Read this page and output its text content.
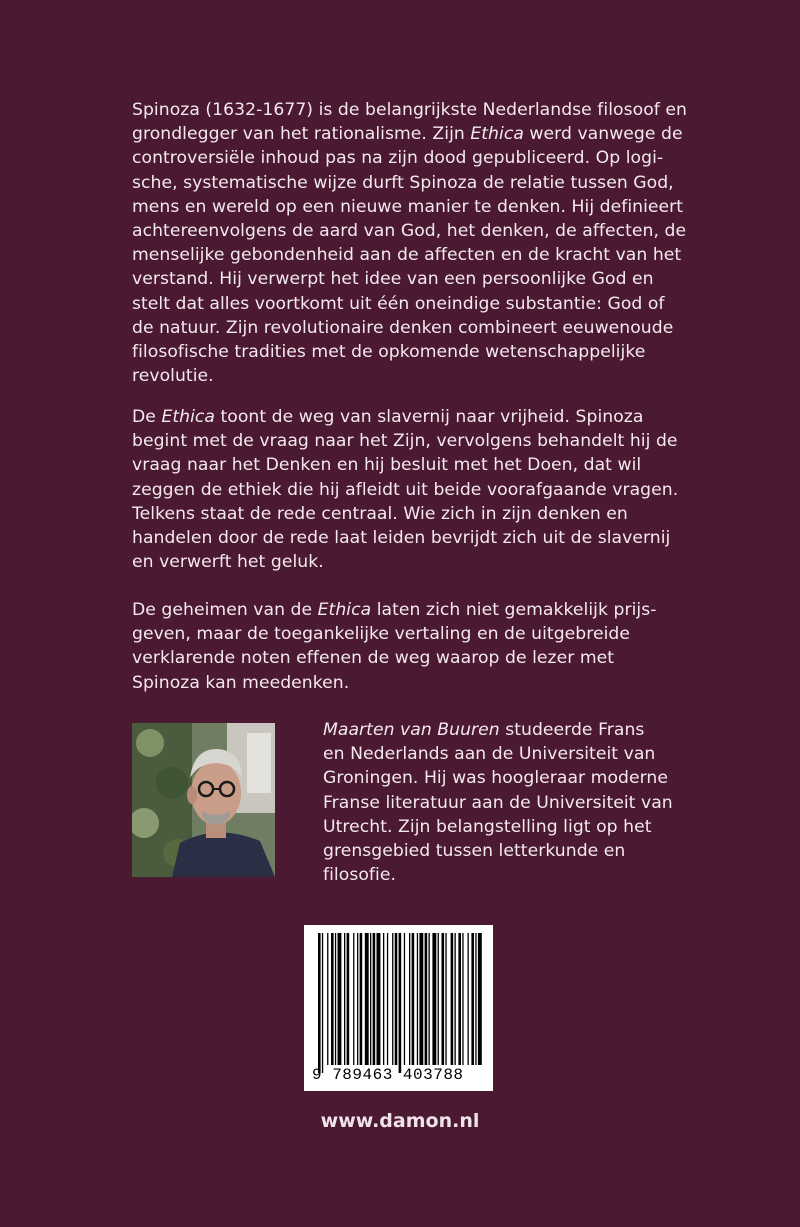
Spinoza (1632-1677) is de belangrijkste Nederlandse filosoof en
grondlegger van het rationalisme. Zijn Ethica werd vanwege de
controversiële inhoud pas na zijn dood gepubliceerd. Op logi-
sche, systematische wijze durft Spinoza de relatie tussen God,
mens en wereld op een nieuwe manier te denken. Hij definieert
achtereenvolgens de aard van God, het denken, de affecten, de
menselijke gebondenheid aan de affecten en de kracht van het
verstand. Hij verwerpt het idee van een persoonlijke God en
stelt dat alles voortkomt uit één oneindige substantie: God of
de natuur. Zijn revolutionaire denken combineert eeuwenoude
filosofische tradities met de opkomende wetenschappelijke
revolutie.
De Ethica toont de weg van slavernij naar vrijheid. Spinoza
begint met de vraag naar het Zijn, vervolgens behandelt hij de
vraag naar het Denken en hij besluit met het Doen, dat wil
zeggen de ethiek die hij afleidt uit beide voorafgaande vragen.
Telkens staat de rede centraal. Wie zich in zijn denken en
handelen door de rede laat leiden bevrijdt zich uit de slavernij
en verwerft het geluk.
De geheimen van de Ethica laten zich niet gemakkelijk prijs-
geven, maar de toegankelijke vertaling en de uitgebreide
verklarende noten effenen de weg waarop de lezer met
Spinoza kan meedenken.
Maarten van Buuren studeerde Frans
en Nederlands aan de Universiteit van
Groningen. Hij was hoogleraar moderne
Franse literatuur aan de Universiteit van
Utrecht. Zijn belangstelling ligt op het
grensgebied tussen letterkunde en
filosofie.
9 789463 403788
www.damon.nl
